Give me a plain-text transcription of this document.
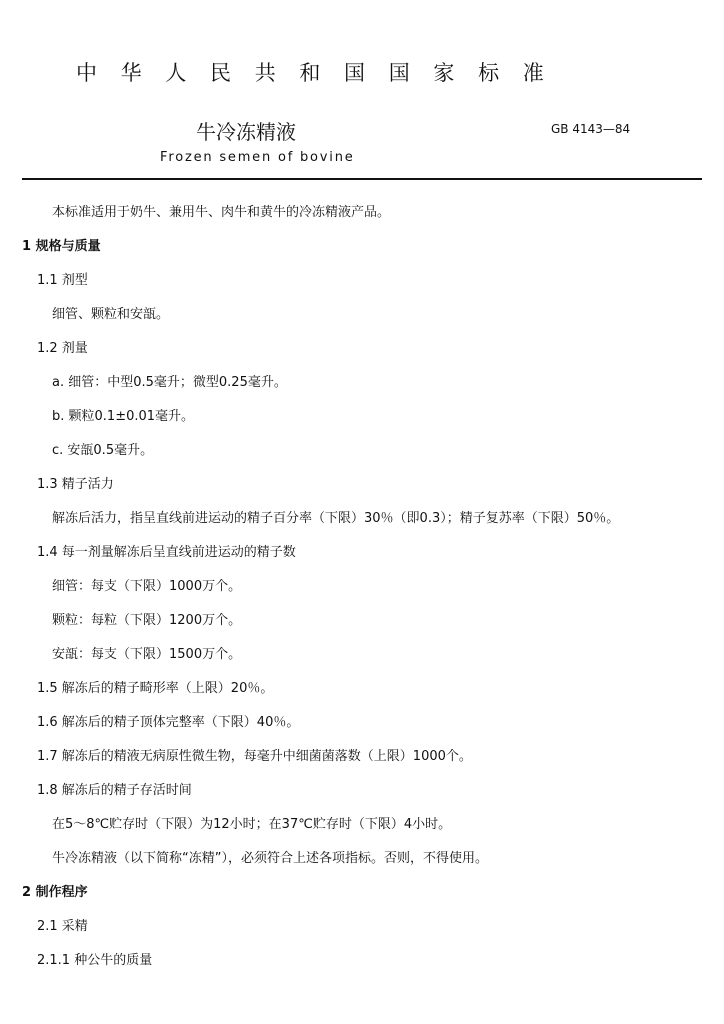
中 华 人 民 共 和 国 国 家 标 准
牛冷冻精液	GB 4143—84
Frozen semen of bovine
本标准适用于奶牛、兼用牛、肉牛和黄牛的冷冻精液产品。
1 规格与质量
1.1 剂型
细管、颗粒和安瓿。
1.2 剂量
a. 细管：中型0.5毫升；微型0.25毫升。
b. 颗粒0.1±0.01毫升。
c. 安瓿0.5毫升。
1.3 精子活力
解冻后活力，指呈直线前进运动的精子百分率（下限）30％（即0.3）；精子复苏率（下限）50％。
1.4 每一剂量解冻后呈直线前进运动的精子数
细管：每支（下限）1000万个。
颗粒：每粒（下限）1200万个。
安瓿：每支（下限）1500万个。
1.5 解冻后的精子畸形率（上限）20％。
1.6 解冻后的精子顶体完整率（下限）40％。
1.7 解冻后的精液无病原性微生物，每毫升中细菌菌落数（上限）1000个。
1.8 解冻后的精子存活时间
在5～8℃贮存时（下限）为12小时；在37℃贮存时（下限）4小时。
牛冷冻精液（以下简称“冻精”），必须符合上述各项指标。否则，不得使用。
2 制作程序
2.1 采精
2.1.1 种公牛的质量
